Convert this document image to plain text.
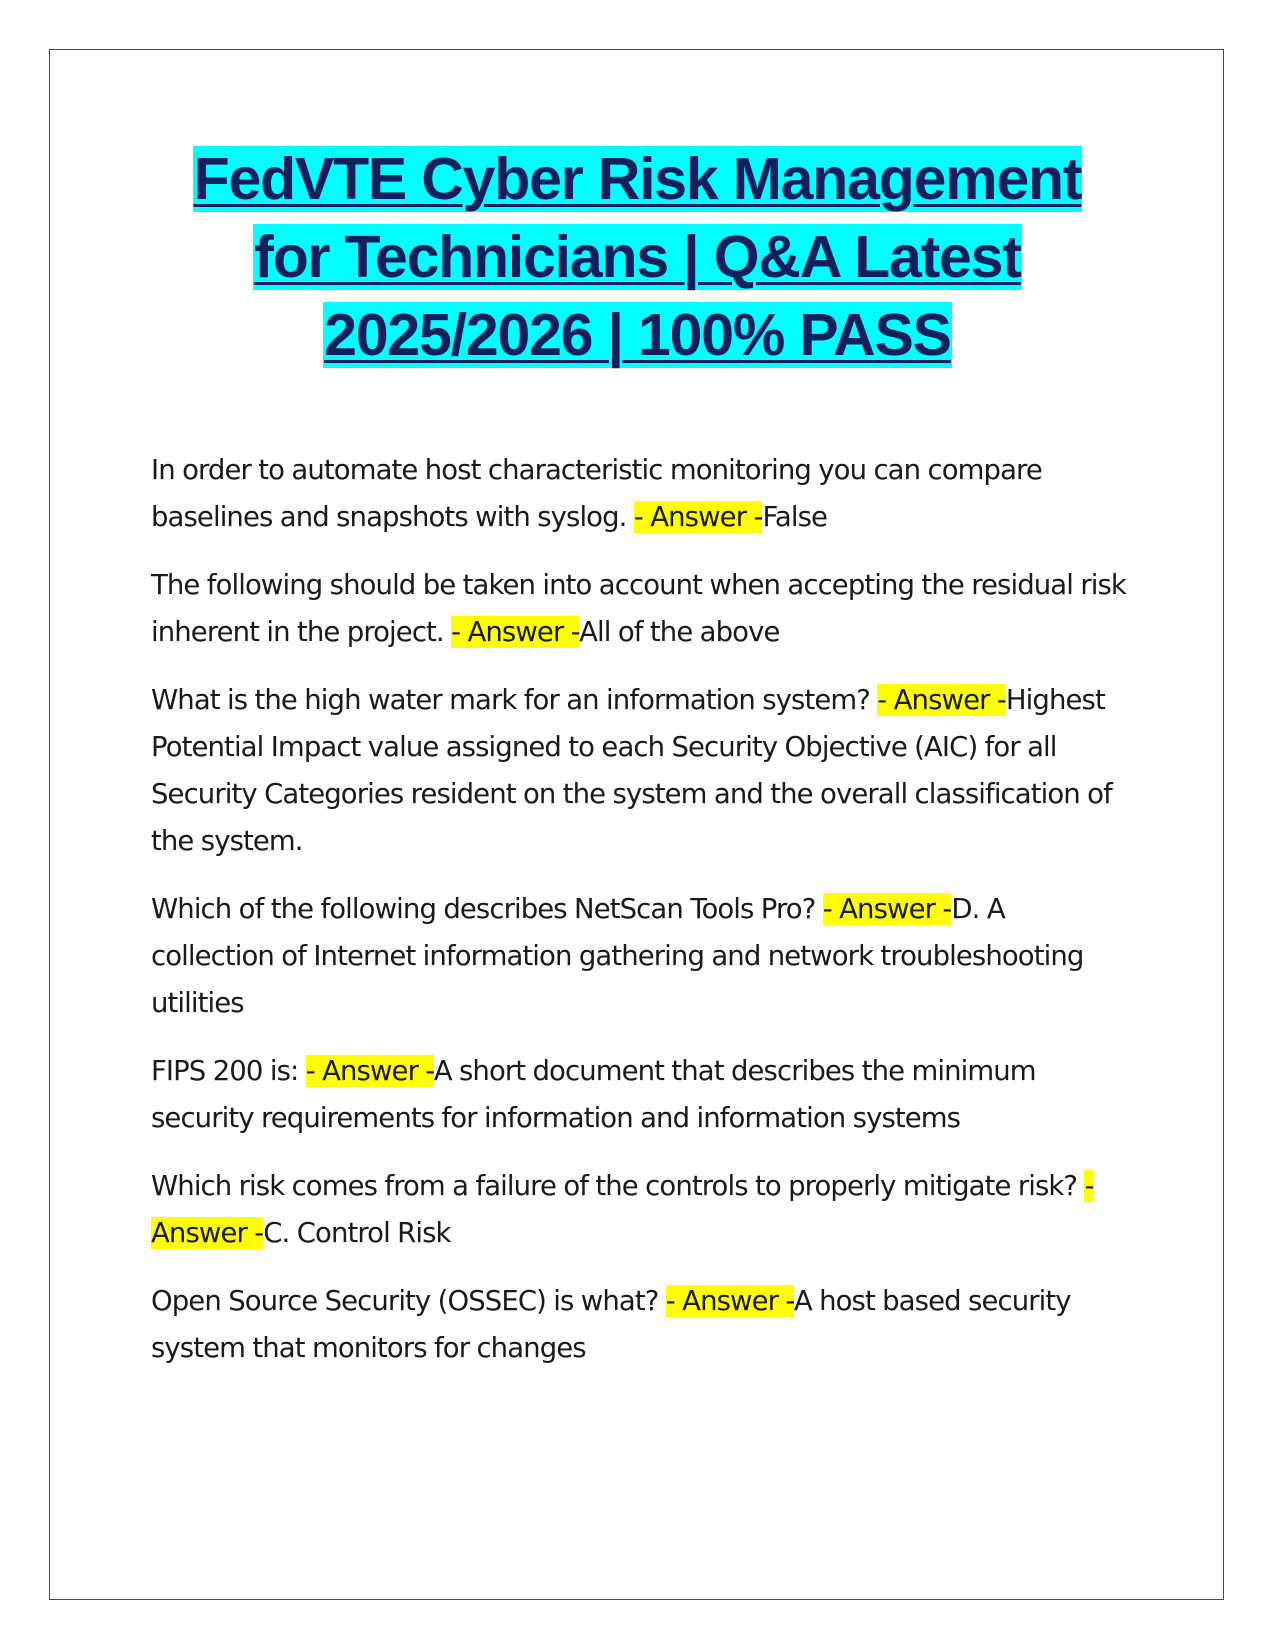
FedVTE Cyber Risk Management
for Technicians | Q&A Latest
2025/2026 | 100% PASS

In order to automate host characteristic monitoring you can compare baselines and snapshots with syslog. - Answer -False

The following should be taken into account when accepting the residual risk inherent in the project. - Answer -All of the above

What is the high water mark for an information system? - Answer -Highest Potential Impact value assigned to each Security Objective (AIC) for all Security Categories resident on the system and the overall classification of the system.

Which of the following describes NetScan Tools Pro? - Answer -D. A collection of Internet information gathering and network troubleshooting utilities

FIPS 200 is: - Answer -A short document that describes the minimum security requirements for information and information systems

Which risk comes from a failure of the controls to properly mitigate risk? - Answer -C. Control Risk

Open Source Security (OSSEC) is what? - Answer -A host based security system that monitors for changes
